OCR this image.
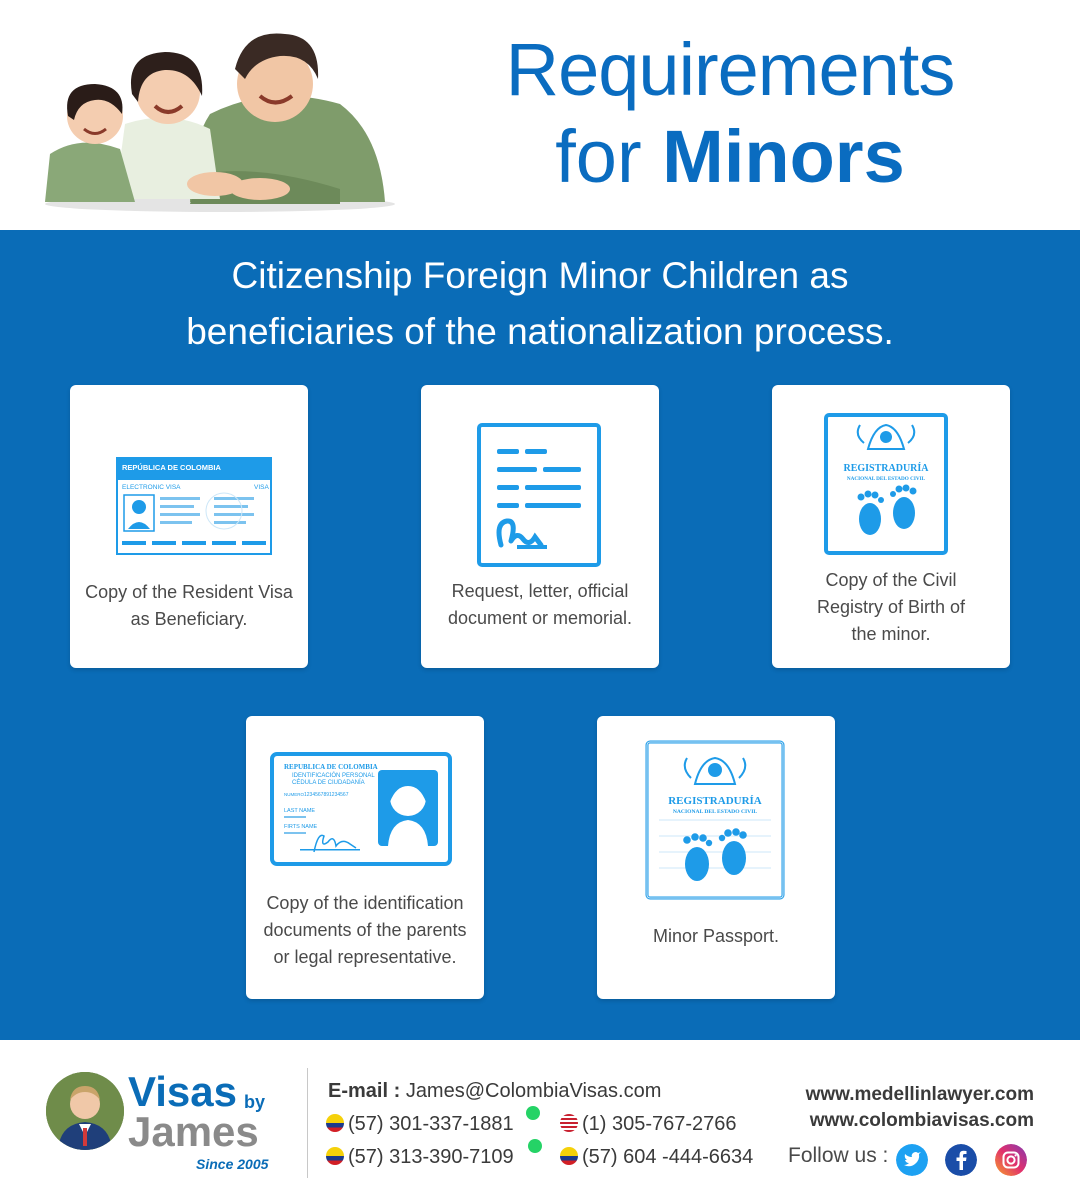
Requirements
for Minors
Citizenship Foreign Minor Children as
beneficiaries of the nationalization process.
REPÚBLICA DE COLOMBIA
ELECTRONIC VISA	VISA
Copy of the Resident Visa
as Beneficiary.
Request, letter, official
document or memorial.
REGISTRADURÍA
NACIONAL DEL ESTADO CIVIL
Copy of the Civil
Registry of Birth of
the minor.
REPUBLICA DE COLOMBIA
IDENTIFICACIÓN PERSONAL
CÉDULA DE CIUDADANÍA
NUMERO 1234567891234567
LAST NAME
FIRTS NAME
Copy of the identification
documents of the parents
or legal representative.
REGISTRADURÍA
NACIONAL DEL ESTADO CIVIL
Minor Passport.
Visas by
James
Since 2005
E-mail : James@ColombiaVisas.com
(57) 301-337-1881	(1) 305-767-2766
(57) 313-390-7109	(57) 604 -444-6634
www.medellinlawyer.com
www.colombiavisas.com
Follow us :
